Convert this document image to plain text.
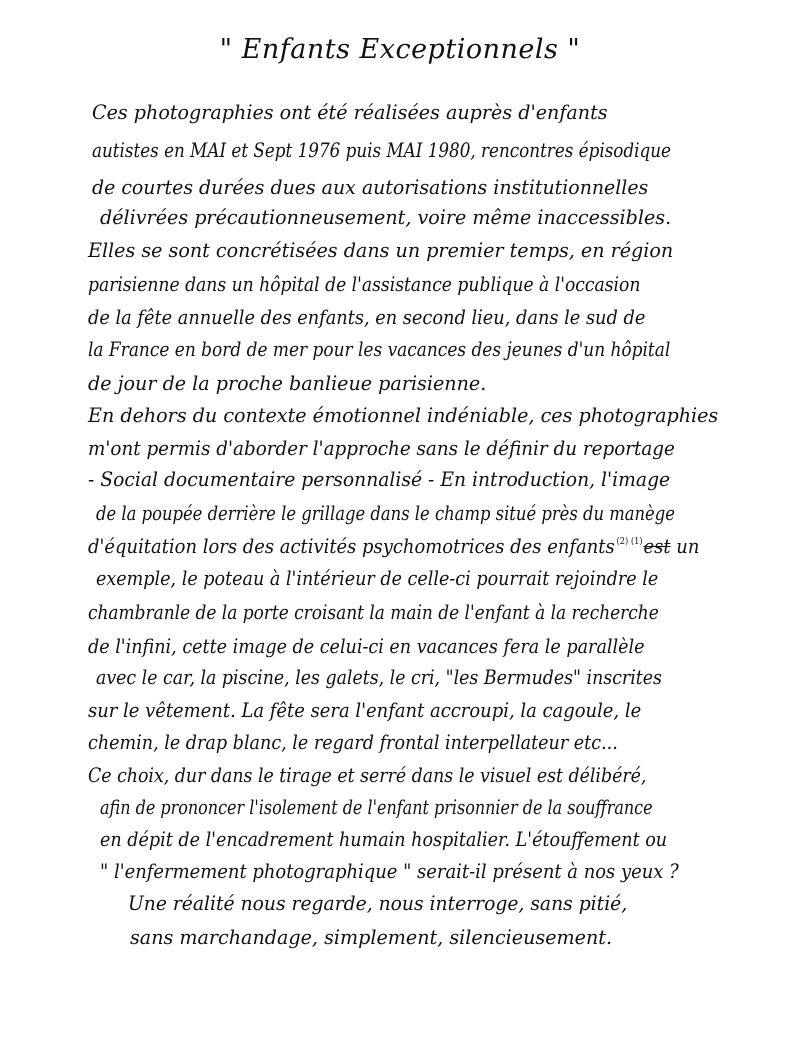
" Enfants Exceptionnels "
Ces photographies ont été réalisées auprès d'enfants
autistes en MAI et Sept 1976 puis MAI 1980, rencontres épisodique
de courtes durées dues aux autorisations institutionnelles
délivrées précautionneusement, voire même inaccessibles.
Elles se sont concrétisées dans un premier temps, en région
parisienne dans un hôpital de l'assistance publique à l'occasion
de la fête annuelle des enfants, en second lieu, dans le sud de
la France en bord de mer pour les vacances des jeunes d'un hôpital
de jour de la proche banlieue parisienne.
En dehors du contexte émotionnel indéniable, ces photographies
m'ont permis d'aborder l'approche sans le définir du reportage
- Social documentaire personnalisé - En introduction, l'image
de la poupée derrière le grillage dans le champ situé près du manège
d'équitation lors des activités psychomotrices des enfants $^{(2) (1)}$est un
exemple, le poteau à l'intérieur de celle-ci pourrait rejoindre le
chambranle de la porte croisant la main de l'enfant à la recherche
de l'infini, cette image de celui-ci en vacances fera le parallèle
avec le car, la piscine, les galets, le cri, "les Bermudes" inscrites
sur le vêtement. La fête sera l'enfant accroupi, la cagoule, le
chemin, le drap blanc, le regard frontal interpellateur etc...
Ce choix, dur dans le tirage et serré dans le visuel est délibéré,
afin de prononcer l'isolement de l'enfant prisonnier de la souffrance
en dépit de l'encadrement humain hospitalier. L'étouffement ou
" l'enfermement photographique " serait-il présent à nos yeux ?
Une réalité nous regarde, nous interroge, sans pitié,
sans marchandage, simplement, silencieusement.
